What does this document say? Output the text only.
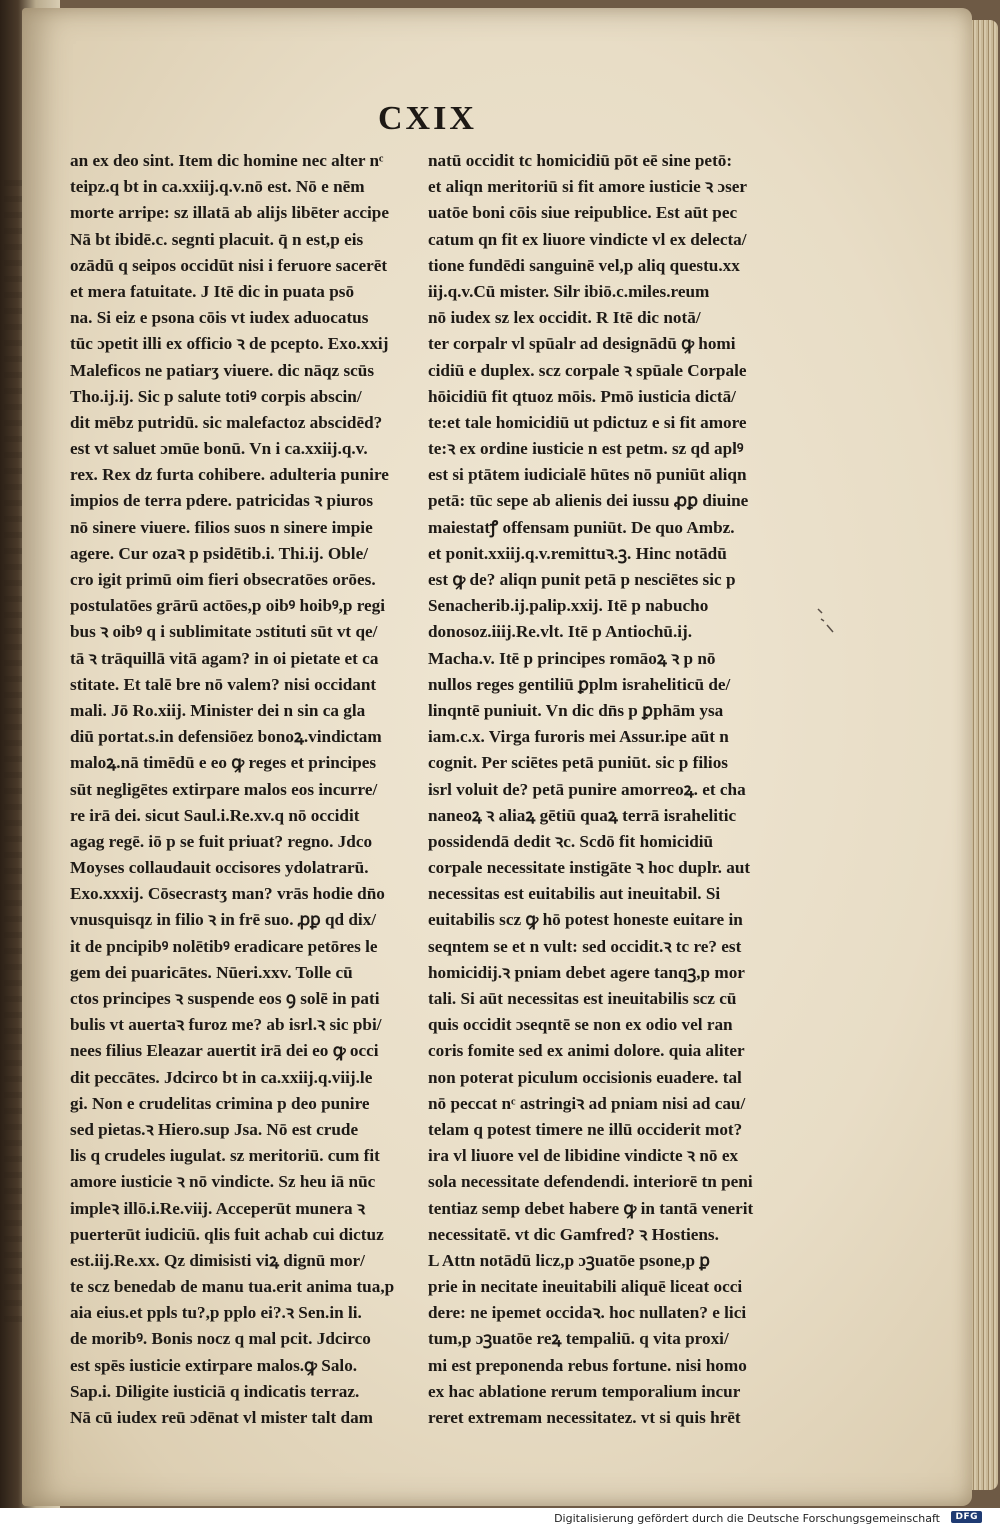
CXIX
an ex deo sint. Item dic homine nec alter nᶜ
teipz.q bt in ca.xxiij.q.v.nō est. Nō e nēm
morte arripe: sz illatā ab alijs libēter accipe
Nā bt ibidē.c. segnti placuit. q̄ n est,p eis
ozādū q seipos occidūt nisi i feruore sacerēt
et mera fatuitate. J Itē dic in puata psō
na. Si eiz e psona cōis vt iudex aduocatus
tūc ɔpetit illi ex officio ꝛ de pcepto. Exo.xxij
Maleficos ne patiarʒ viuere. dic nāqz scūs
Tho.ij.ij. Sic p salute totiꝰ corpis abscin/
dit mēbz putridū. sic malefactoz abscidēd?
est vt saluet ɔmūe bonū. Vn i ca.xxiij.q.v.
rex. Rex dz furta cohibere. adulteria punire
impios de terra pdere. patricidas ꝛ piuros
nō sinere viuere. filios suos n sinere impie
agere. Cur ozaꝛ p psidētib.i. Thi.ij. Oble/
cro igit primū oim fieri obsecratōes orōes.
postulatōes grārū actōes,p oibꝰ hoibꝰ,p regi
bus ꝛ oibꝰ q i sublimitate ɔstituti sūt vt qe/
tā ꝛ trāquillā vitā agam? in oi pietate et ca
stitate. Et talē bre nō valem? nisi occidant
mali. Jō Ro.xiij. Minister dei n sin ca gla
diū portat.s.in defensiōez bonoꝝ.vindictam
maloꝝ.nā timēdū e eo ꝙ reges et principes
sūt negligētes extirpare malos eos incurre/
re irā dei. sicut Saul.i.Re.xv.q nō occidit
agag regē. iō p se fuit priuat? regno. Jdco
Moyses collaudauit occisores ydolatrarū.
Exo.xxxij. Cōsecrastʒ man? vrās hodie dn̄o
vnusquisqz in filio ꝛ in frē suo. ꝓꝑ qd dix/
it de pncipibꝰ nolētibꝰ eradicare petōres le
gem dei puaricātes. Nūeri.xxv. Tolle cū
ctos principes ꝛ suspende eos ꝯ solē in pati
bulis vt auertaꝛ furoz me? ab isrl.ꝛ sic pbi/
nees filius Eleazar auertit irā dei eo ꝙ occi
dit peccātes. Jdcirco bt in ca.xxiij.q.viij.le
gi. Non e crudelitas crimina p deo punire
sed pietas.ꝛ Hiero.sup Jsa. Nō est crude
lis q crudeles iugulat. sz meritoriū. cum fit
amore iusticie ꝛ nō vindicte. Sz heu iā nūc
impleꝛ illō.i.Re.viij. Acceperūt munera ꝛ
puerterūt iudiciū. qlis fuit achab cui dictuz
est.iij.Re.xx. Qz dimisisti viꝝ dignū mor/
te scz benedab de manu tua.erit anima tua,p
aia eius.et ppls tu?,p pplo ei?.ꝛ Sen.in li.
de moribꝰ. Bonis nocz q mal pcit. Jdcirco
est spēs iusticie extirpare malos.ꝙ Salo.
Sap.i. Diligite iusticiā q indicatis terraz.
Nā cū iudex reū ɔdēnat vl mister talt dam
natū occidit tc homicidiū pōt eē sine petō:
et aliqn meritoriū si fit amore iusticie ꝛ ɔser
uatōe boni cōis siue reipublice. Est aūt pec
catum qn fit ex liuore vindicte vl ex delecta/
tione fundēdi sanguinē vel,p aliq questu.xx
iij.q.v.Cū mister. Silr ibiō.c.miles.reum
nō iudex sz lex occidit. R Itē dic notā/
ter corpalr vl spūalr ad designādū ꝙ homi
cidiū e duplex. scz corpale ꝛ spūale Corpale
hōicidiū fit qtuoz mōis. Pmō iusticia dictā/
te:et tale homicidiū ut pdictuz e si fit amore
te:ꝛ ex ordine iusticie n est petm. sz qd aplꝰ
est si ptātem iudicialē hūtes nō puniūt aliqn
petā: tūc sepe ab alienis dei iussu ꝓꝑ diuine
maiestatꝭ offensam puniūt. De quo Ambz.
et ponit.xxiij.q.v.remittuꝛ.ꝫ. Hinc notādū
est ꝙ de? aliqn punit petā p nesciētes sic p
Senacherib.ij.palip.xxij. Itē p nabucho
donosoz.iiij.Re.vlt. Itē p Antiochū.ij.
Macha.v. Itē p principes romāoꝝ ꝛ p nō
nullos reges gentiliū ꝑplm israheliticū de/
linqntē puniuit. Vn dic dn̄s p ꝑphām ysa
iam.c.x. Virga furoris mei Assur.ipe aūt n
cognit. Per sciētes petā puniūt. sic p filios
isrl voluit de? petā punire amorreoꝝ. et cha
naneoꝝ ꝛ aliaꝝ gētiū quaꝝ terrā israhelitic
possidendā dedit ꝛc. Scdō fit homicidiū
corpale necessitate instigāte ꝛ hoc duplr. aut
necessitas est euitabilis aut ineuitabil. Si
euitabilis scz ꝙ hō potest honeste euitare in
seqntem se et n vult: sed occidit.ꝛ tc re? est
homicidij.ꝛ pniam debet agere tanqꝫ,p mor
tali. Si aūt necessitas est ineuitabilis scz cū
quis occidit ɔseqntē se non ex odio vel ran
coris fomite sed ex animi dolore. quia aliter
non poterat piculum occisionis euadere. tal
nō peccat nᶜ astringiꝛ ad pniam nisi ad cau/
telam q potest timere ne illū occiderit mot?
ira vl liuore vel de libidine vindicte ꝛ nō ex
sola necessitate defendendi. interiorē tn peni
tentiaz semp debet habere ꝙ in tantā venerit
necessitatē. vt dic Gamfred? ꝛ Hostiens.
L Attn notādū licz,p ɔꝫuatōe psone,p ꝑ
prie in necitate ineuitabili aliquē liceat occi
dere: ne ipemet occidaꝛ. hoc nullaten? e lici
tum,p ɔꝫuatōe reꝝ tempaliū. q vita proxi/
mi est preponenda rebus fortune. nisi homo
ex hac ablatione rerum temporalium incur
reret extremam necessitatez. vt si quis hrēt
Digitalisierung gefördert durch die Deutsche Forschungsgemeinschaft	DFG
